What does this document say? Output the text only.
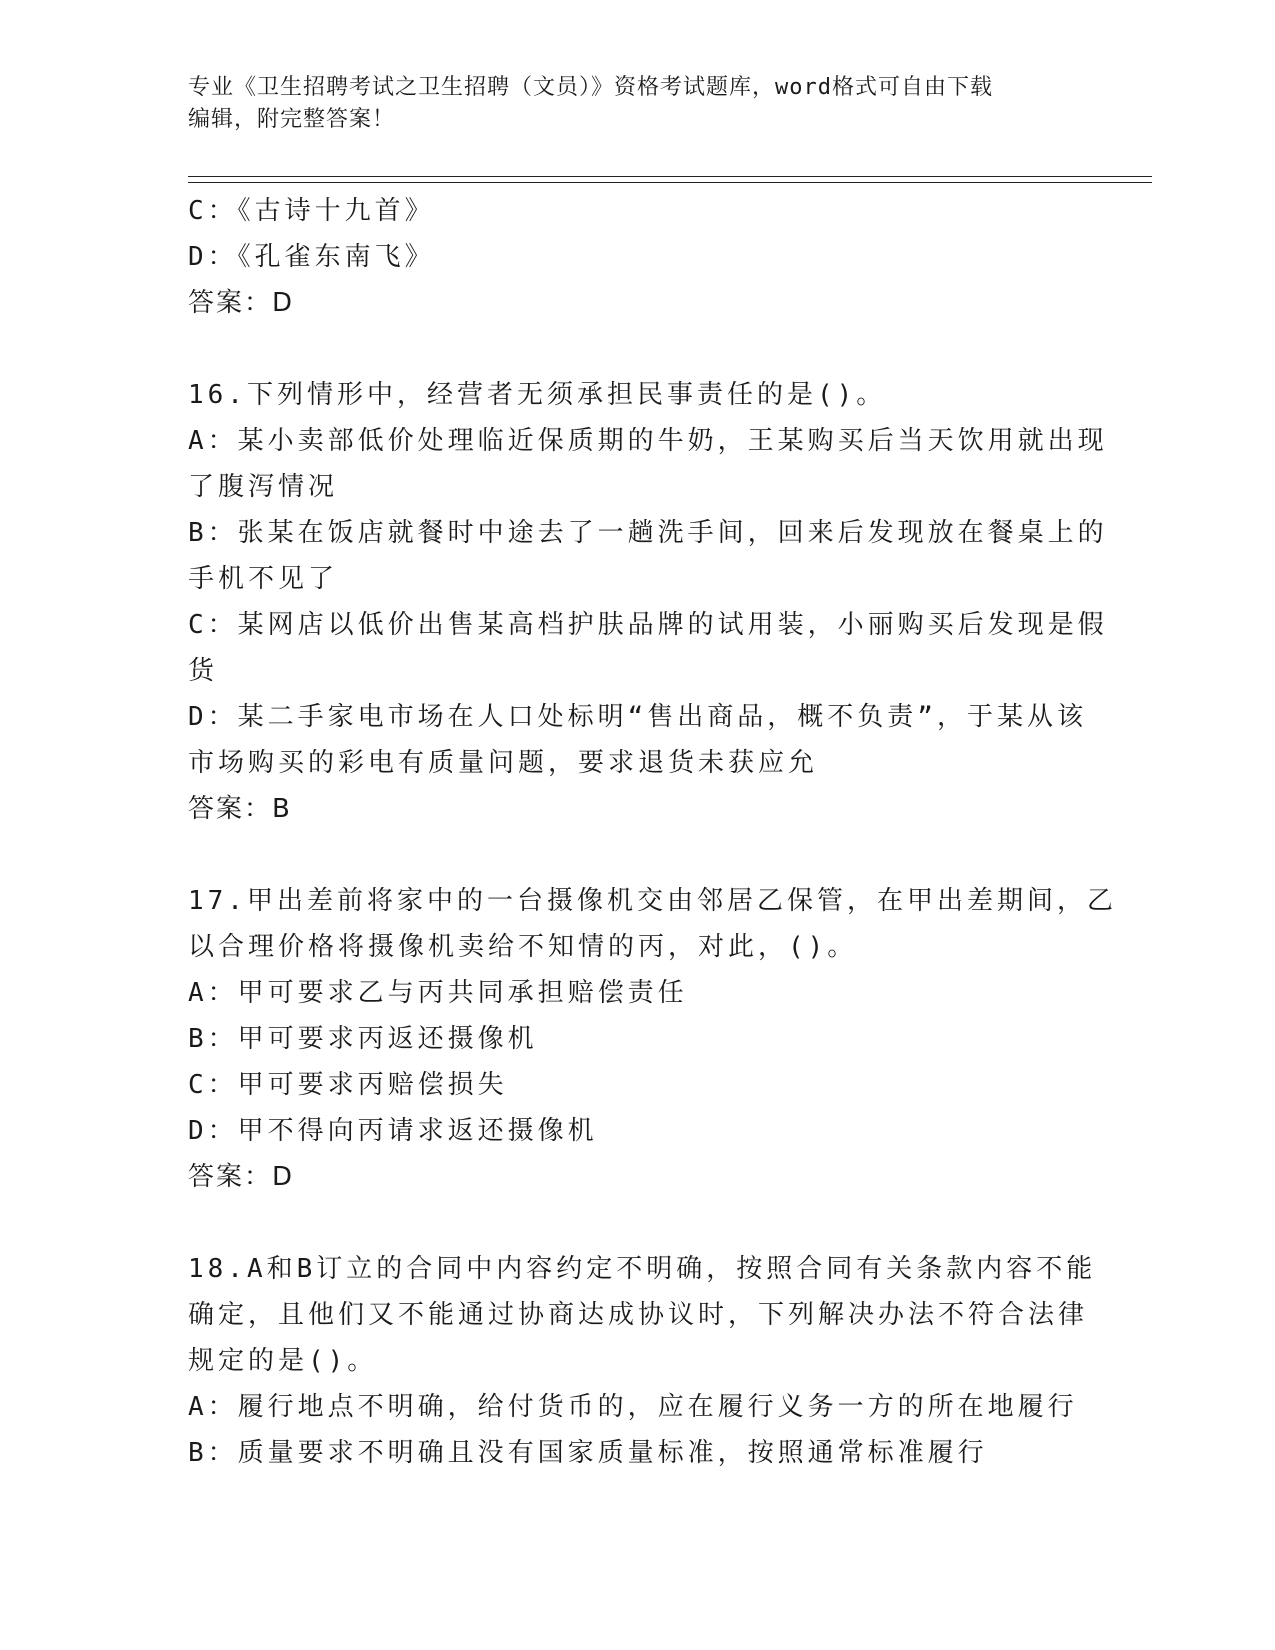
专业《卫生招聘考试之卫生招聘（文员）》资格考试题库，word格式可自由下载
编辑，附完整答案！
C：《古诗十九首》
D：《孔雀东南飞》
答案：D
16.下列情形中，经营者无须承担民事责任的是()。
A：某小卖部低价处理临近保质期的牛奶，王某购买后当天饮用就出现
了腹泻情况
B：张某在饭店就餐时中途去了一趟洗手间，回来后发现放在餐桌上的
手机不见了
C：某网店以低价出售某高档护肤品牌的试用装，小丽购买后发现是假
货
D：某二手家电市场在人口处标明“售出商品，概不负责”，于某从该
市场购买的彩电有质量问题，要求退货未获应允
答案：B
17.甲出差前将家中的一台摄像机交由邻居乙保管，在甲出差期间，乙
以合理价格将摄像机卖给不知情的丙，对此，()。
A：甲可要求乙与丙共同承担赔偿责任
B：甲可要求丙返还摄像机
C：甲可要求丙赔偿损失
D：甲不得向丙请求返还摄像机
答案：D
18.A和B订立的合同中内容约定不明确，按照合同有关条款内容不能
确定，且他们又不能通过协商达成协议时，下列解决办法不符合法律
规定的是()。
A：履行地点不明确，给付货币的，应在履行义务一方的所在地履行
B：质量要求不明确且没有国家质量标准，按照通常标准履行
